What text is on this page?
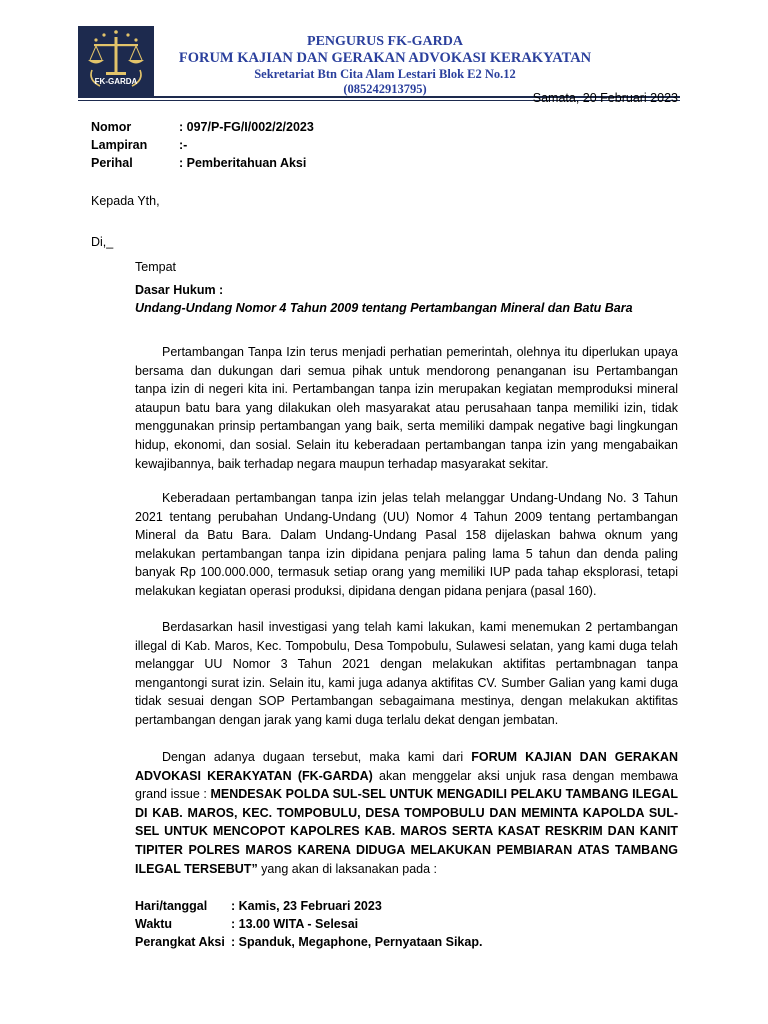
FK-GARDA
PENGURUS FK-GARDA
FORUM KAJIAN DAN GERAKAN ADVOKASI KERAKYATAN
Sekretariat Btn Cita Alam Lestari Blok E2 No.12
(085242913795)
Samata, 20 Februari 2023
Nomor	: 097/P-FG/I/002/2/2023
Lampiran	:-
Perihal	: Pemberitahuan Aksi
Kepada Yth,
Di,_
Tempat
Dasar Hukum :
Undang-Undang Nomor 4 Tahun 2009 tentang Pertambangan Mineral dan Batu Bara

Pertambangan Tanpa Izin terus menjadi perhatian pemerintah, olehnya itu diperlukan upaya bersama dan dukungan dari semua pihak untuk mendorong penanganan isu Pertambangan tanpa izin di negeri kita ini. Pertambangan tanpa izin merupakan kegiatan memproduksi mineral ataupun batu bara yang dilakukan oleh masyarakat atau perusahaan tanpa memiliki izin, tidak menggunakan prinsip pertambangan yang baik, serta memiliki dampak negative bagi lingkungan hidup, ekonomi, dan sosial. Selain itu keberadaan pertambangan tanpa izin yang mengabaikan kewajibannya, baik terhadap negara maupun terhadap masyarakat sekitar.

Keberadaan pertambangan tanpa izin jelas telah melanggar Undang-Undang No. 3 Tahun 2021 tentang perubahan Undang-Undang (UU) Nomor 4 Tahun 2009 tentang pertambangan Mineral da Batu Bara. Dalam Undang-Undang Pasal 158 dijelaskan bahwa oknum yang melakukan pertambangan tanpa izin dipidana penjara paling lama 5 tahun dan denda paling banyak Rp 100.000.000, termasuk setiap orang yang memiliki IUP pada tahap eksplorasi, tetapi melakukan kegiatan operasi produksi, dipidana dengan pidana penjara (pasal 160).

Berdasarkan hasil investigasi yang telah kami lakukan, kami menemukan 2 pertambangan illegal di Kab. Maros, Kec. Tompobulu, Desa Tompobulu, Sulawesi selatan, yang kami duga telah melanggar UU Nomor 3 Tahun 2021 dengan melakukan aktifitas pertambnagan tanpa mengantongi surat izin. Selain itu, kami juga adanya aktifitas CV. Sumber Galian yang kami duga tidak sesuai dengan SOP Pertambangan sebagaimana mestinya, dengan melakukan aktifitas pertambangan dengan jarak yang kami duga terlalu dekat dengan jembatan.

Dengan adanya dugaan tersebut, maka kami dari FORUM KAJIAN DAN GERAKAN ADVOKASI KERAKYATAN (FK-GARDA) akan menggelar aksi unjuk rasa dengan membawa grand issue : MENDESAK POLDA SUL-SEL UNTUK MENGADILI PELAKU TAMBANG ILEGAL DI KAB. MAROS, KEC. TOMPOBULU, DESA TOMPOBULU DAN MEMINTA KAPOLDA SUL-SEL UNTUK MENCOPOT KAPOLRES KAB. MAROS SERTA KASAT RESKRIM DAN KANIT TIPITER POLRES MAROS KARENA DIDUGA MELAKUKAN PEMBIARAN ATAS TAMBANG ILEGAL TERSEBUT” yang akan di laksanakan pada :

Hari/tanggal	: Kamis, 23 Februari 2023
Waktu	: 13.00 WITA - Selesai
Perangkat Aksi : Spanduk, Megaphone, Pernyataan Sikap.
